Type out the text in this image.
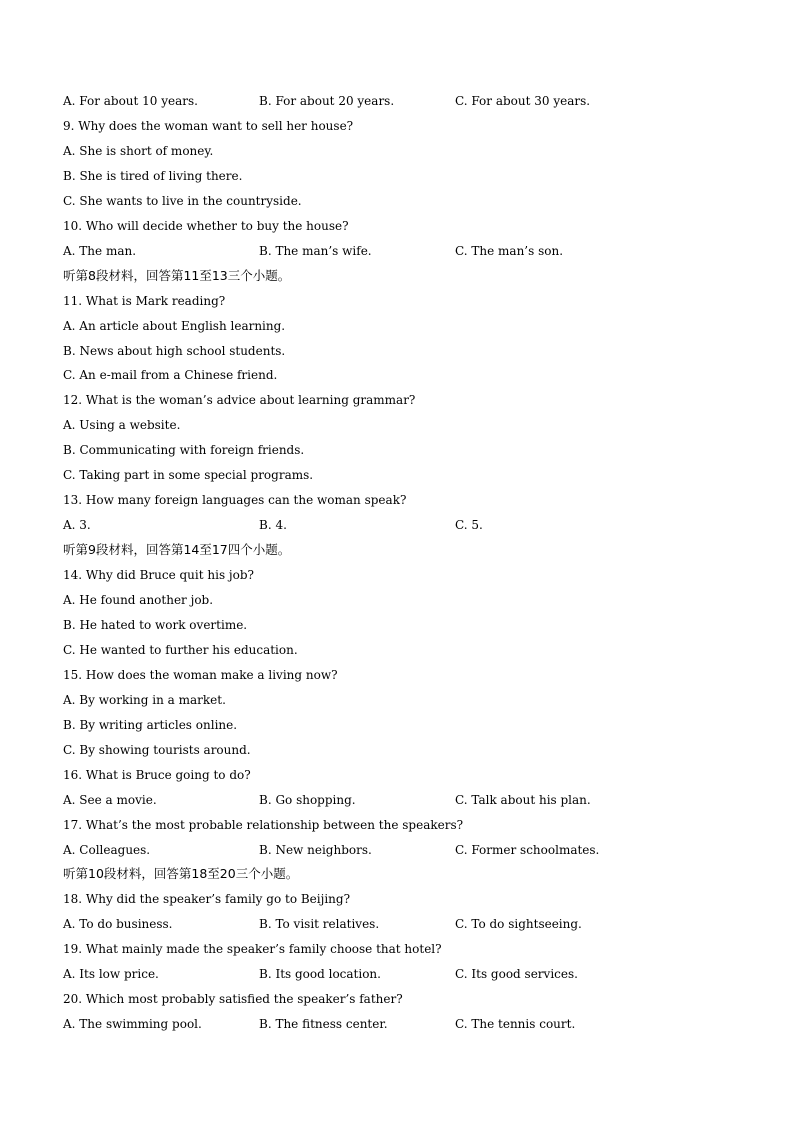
A. For about 10 years.	B. For about 20 years.	C. For about 30 years.
9. Why does the woman want to sell her house?
A. She is short of money.
B. She is tired of living there.
C. She wants to live in the countryside.
10. Who will decide whether to buy the house?
A. The man.	B. The man’s wife.	C. The man’s son.
听第8段材料，回答第11至13三个小题。
11. What is Mark reading?
A. An article about English learning.
B. News about high school students.
C. An e-mail from a Chinese friend.
12. What is the woman’s advice about learning grammar?
A. Using a website.
B. Communicating with foreign friends.
C. Taking part in some special programs.
13. How many foreign languages can the woman speak?
A. 3.	B. 4.	C. 5.
听第9段材料，回答第14至17四个小题。
14. Why did Bruce quit his job?
A. He found another job.
B. He hated to work overtime.
C. He wanted to further his education.
15. How does the woman make a living now?
A. By working in a market.
B. By writing articles online.
C. By showing tourists around.
16. What is Bruce going to do?
A. See a movie.	B. Go shopping.	C. Talk about his plan.
17. What’s the most probable relationship between the speakers?
A. Colleagues.	B. New neighbors.	C. Former schoolmates.
听第10段材料，回答第18至20三个小题。
18. Why did the speaker’s family go to Beijing?
A. To do business.	B. To visit relatives.	C. To do sightseeing.
19. What mainly made the speaker’s family choose that hotel?
A. Its low price.	B. Its good location.	C. Its good services.
20. Which most probably satisfied the speaker’s father?
A. The swimming pool.	B. The fitness center.	C. The tennis court.
